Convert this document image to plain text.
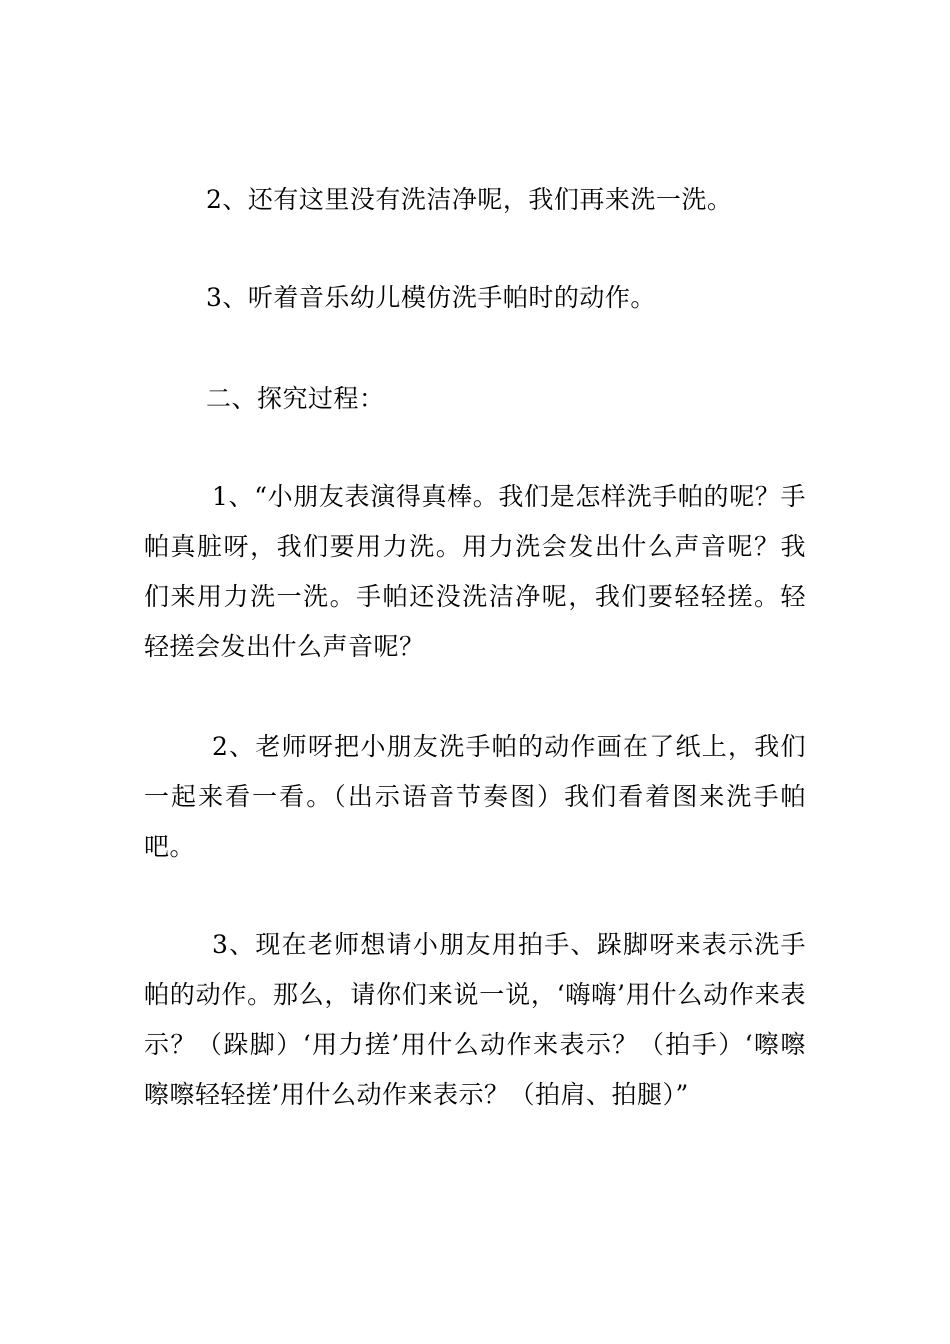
2、还有这里没有洗洁净呢，我们再来洗一洗。

3、听着音乐幼儿模仿洗手帕时的动作。

二、探究过程：

1、“小朋友表演得真棒。我们是怎样洗手帕的呢？手帕真脏呀，我们要用力洗。用力洗会发出什么声音呢？我们来用力洗一洗。手帕还没洗洁净呢，我们要轻轻搓。轻轻搓会发出什么声音呢？

2、老师呀把小朋友洗手帕的动作画在了纸上，我们一起来看一看。（出示语音节奏图）我们看着图来洗手帕吧。

3、现在老师想请小朋友用拍手、跺脚呀来表示洗手帕的动作。那么，请你们来说一说，‘嗨嗨’用什么动作来表示？（跺脚）‘用力搓’用什么动作来表示？（拍手）‘嚓嚓嚓嚓轻轻搓’用什么动作来表示？（拍肩、拍腿）”
